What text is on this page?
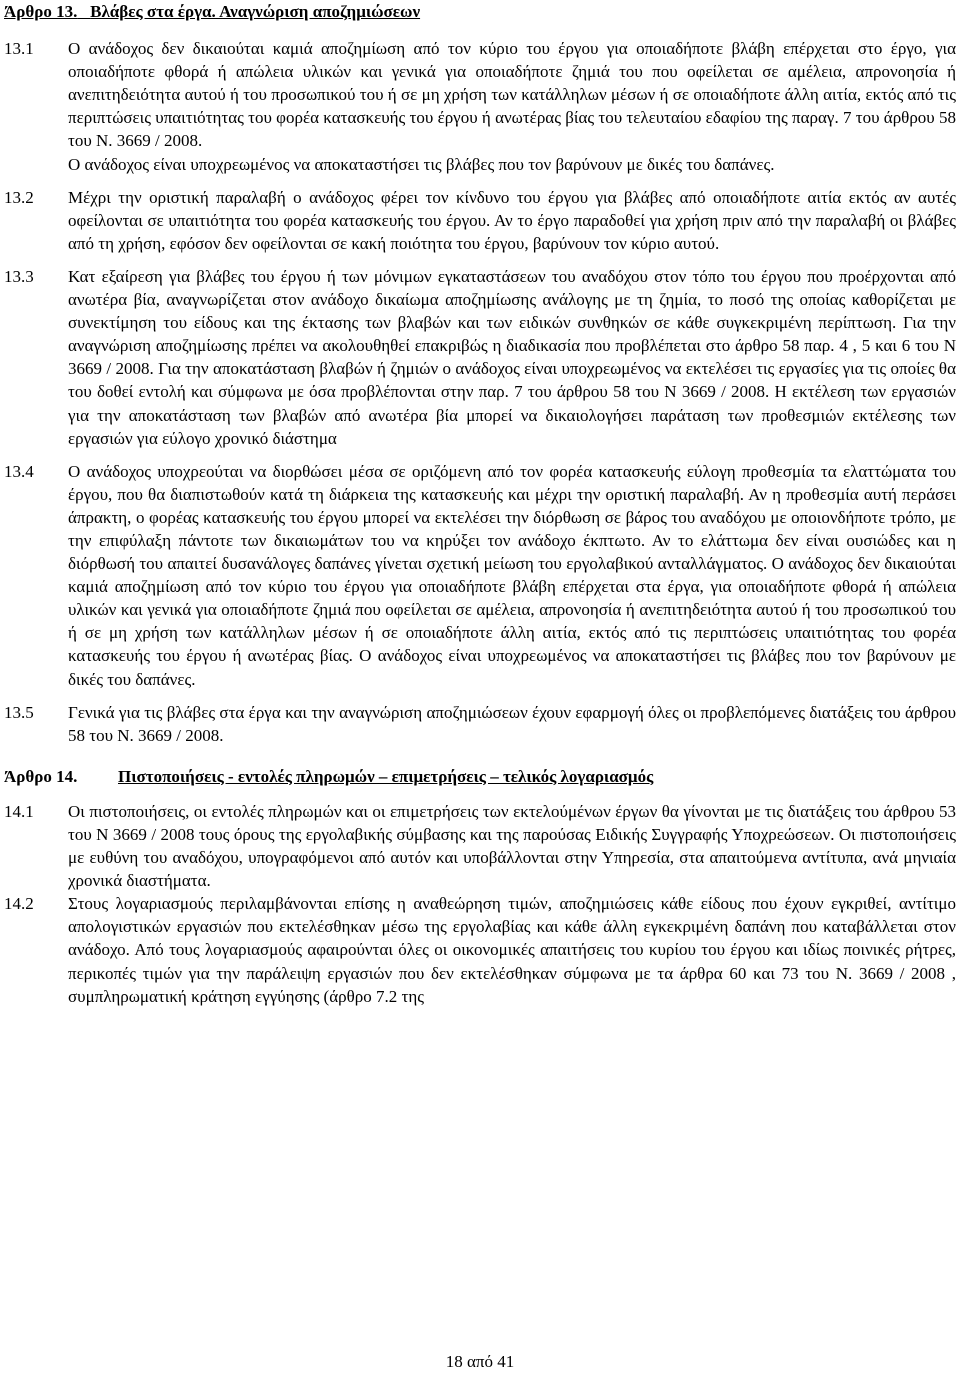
Άρθρο 13. Βλάβες στα έργα. Αναγνώριση αποζημιώσεων
13.1 Ο ανάδοχος δεν δικαιούται καμιά αποζημίωση από τον κύριο του έργου για οποιαδήποτε βλάβη επέρχεται στο έργο, για οποιαδήποτε φθορά ή απώλεια υλικών και γενικά για οποιαδήποτε ζημιά του που οφείλεται σε αμέλεια, απρονοησία ή ανεπιτηδειότητα αυτού ή του προσωπικού του ή σε μη χρήση των κατάλληλων μέσων ή σε οποιαδήποτε άλλη αιτία, εκτός από τις περιπτώσεις υπαιτιότητας του φορέα κατασκευής του έργου ή ανωτέρας βίας του τελευταίου εδαφίου της παραγ. 7 του άρθρου 58 του Ν. 3669 / 2008.

Ο ανάδοχος είναι υποχρεωμένος να αποκαταστήσει τις βλάβες που τον βαρύνουν με δικές του δαπάνες.

13.2 Μέχρι την οριστική παραλαβή ο ανάδοχος φέρει τον κίνδυνο του έργου για βλάβες από οποιαδήποτε αιτία εκτός αν αυτές οφείλονται σε υπαιτιότητα του φορέα κατασκευής του έργου. Αν το έργο παραδοθεί για χρήση πριν από την παραλαβή οι βλάβες από τη χρήση, εφόσον δεν οφείλονται σε κακή ποιότητα του έργου, βαρύνουν τον κύριο αυτού.

13.3 Κατ εξαίρεση για βλάβες του έργου ή των μόνιμων εγκαταστάσεων του αναδόχου στον τόπο του έργου που προέρχονται από ανωτέρα βία, αναγνωρίζεται στον ανάδοχο δικαίωμα αποζημίωσης ανάλογης με τη ζημία, το ποσό της οποίας καθορίζεται με συνεκτίμηση του είδους και της έκτασης των βλαβών και των ειδικών συνθηκών σε κάθε συγκεκριμένη περίπτωση. Για την αναγνώριση αποζημίωσης πρέπει να ακολουθηθεί επακριβώς η διαδικασία που προβλέπεται στο άρθρο 58 παρ. 4 , 5 και 6 του Ν 3669 / 2008. Για την αποκατάσταση βλαβών ή ζημιών ο ανάδοχος είναι υποχρεωμένος να εκτελέσει τις εργασίες για τις οποίες θα του δοθεί εντολή και σύμφωνα με όσα προβλέπονται στην παρ. 7 του άρθρου 58 του Ν 3669 / 2008. Η εκτέλεση των εργασιών για την αποκατάσταση των βλαβών από ανωτέρα βία μπορεί να δικαιολογήσει παράταση των προθεσμιών εκτέλεσης των εργασιών για εύλογο χρονικό διάστημα

13.4 Ο ανάδοχος υποχρεούται να διορθώσει μέσα σε οριζόμενη από τον φορέα κατασκευής εύλογη προθεσμία τα ελαττώματα του έργου, που θα διαπιστωθούν κατά τη διάρκεια της κατασκευής και μέχρι την οριστική παραλαβή. Αν η προθεσμία αυτή περάσει άπρακτη, ο φορέας κατασκευής του έργου μπορεί να εκτελέσει την διόρθωση σε βάρος του αναδόχου με οποιονδήποτε τρόπο, με την επιφύλαξη πάντοτε των δικαιωμάτων του να κηρύξει τον ανάδοχο έκπτωτο. Αν το ελάττωμα δεν είναι ουσιώδες και η διόρθωσή του απαιτεί δυσανάλογες δαπάνες γίνεται σχετική μείωση του εργολαβικού ανταλλάγματος. Ο ανάδοχος δεν δικαιούται καμιά αποζημίωση από τον κύριο του έργου για οποιαδήποτε βλάβη επέρχεται στα έργα, για οποιαδήποτε φθορά ή απώλεια υλικών και γενικά για οποιαδήποτε ζημιά που οφείλεται σε αμέλεια, απρονοησία ή ανεπιτηδειότητα αυτού ή του προσωπικού του ή σε μη χρήση των κατάλληλων μέσων ή σε οποιαδήποτε άλλη αιτία, εκτός από τις περιπτώσεις υπαιτιότητας του φορέα κατασκευής του έργου ή ανωτέρας βίας. Ο ανάδοχος είναι υποχρεωμένος να αποκαταστήσει τις βλάβες που τον βαρύνουν με δικές του δαπάνες.

13.5 Γενικά για τις βλάβες στα έργα και την αναγνώριση αποζημιώσεων έχουν εφαρμογή όλες οι προβλεπόμενες διατάξεις του άρθρου 58 του Ν. 3669 / 2008.

Άρθρο 14. Πιστοποιήσεις - εντολές πληρωμών – επιμετρήσεις – τελικός λογαριασμός
14.1 Οι πιστοποιήσεις, οι εντολές πληρωμών και οι επιμετρήσεις των εκτελούμένων έργων θα γίνονται με τις διατάξεις του άρθρου 53 του Ν 3669 / 2008 τους όρους της εργολαβικής σύμβασης και της παρούσας Ειδικής Συγγραφής Υποχρεώσεων. Οι πιστοποιήσεις με ευθύνη του αναδόχου, υπογραφόμενοι από αυτόν και υποβάλλονται στην Υπηρεσία, στα απαιτούμενα αντίτυπα, ανά μηνιαία χρονικά διαστήματα.

14.2 Στους λογαριασμούς περιλαμβάνονται επίσης η αναθεώρηση τιμών, αποζημιώσεις κάθε είδους που έχουν εγκριθεί, αντίτιμο απολογιστικών εργασιών που εκτελέσθηκαν μέσω της εργολαβίας και κάθε άλλη εγκεκριμένη δαπάνη που καταβάλλεται στον ανάδοχο. Από τους λογαριασμούς αφαιρούνται όλες οι οικονομικές απαιτήσεις του κυρίου του έργου και ιδίως ποινικές ρήτρες, περικοπές τιμών για την παράλειψη εργασιών που δεν εκτελέσθηκαν σύμφωνα με τα άρθρα 60 και 73 του Ν. 3669 / 2008 , συμπληρωματική κράτηση εγγύησης (άρθρο 7.2 της

18 από 41
